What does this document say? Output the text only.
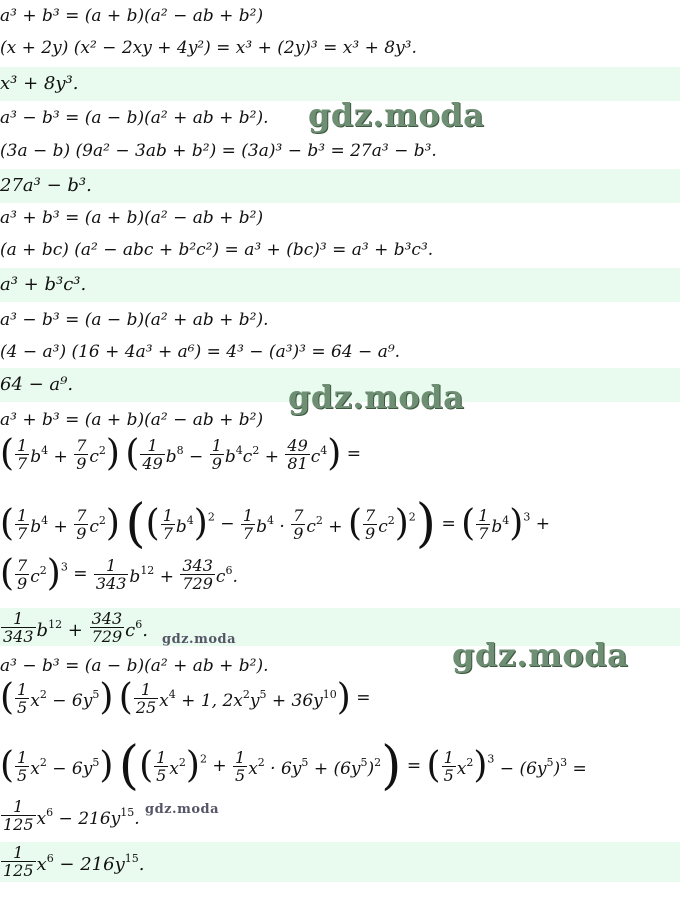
a³ + b³ = (a + b)(a² − ab + b²)
(x + 2y) (x² − 2xy + 4y²) = x³ + (2y)³ = x³ + 8y³.
x³ + 8y³.
a³ − b³ = (a − b)(a² + ab + b²).
(3a − b) (9a² − 3ab + b²) = (3a)³ − b³ = 27a³ − b³.
27a³ − b³.
a³ + b³ = (a + b)(a² − ab + b²)
(a + bc) (a² − abc + b²c²) = a³ + (bc)³ = a³ + b³c³.
a³ + b³c³.
a³ − b³ = (a − b)(a² + ab + b²).
(4 − a³) (16 + 4a³ + a⁶) = 4³ − (a³)³ = 64 − a⁹.
64 − a⁹.
a³ + b³ = (a + b)(a² − ab + b²)
( $\frac{1}{7} b^4 + \frac{7}{9} c^2$) ( $\frac{1}{49} b^8 - \frac{1}{9} b^4c^2 + \frac{49}{81} c^4$) =
( $\frac{1}{7} b^4 + \frac{7}{9} c^2$) (( $\frac{1}{7} b^4)^2 - \frac{1}{7} b^4 \cdot \frac{7}{9} c^2$ + ( $\frac{7}{9} c^2)^2$) = ( $\frac{1}{7} b^4)^3$ +
( $\frac{7}{9} c^2)^3 = \frac{1}{343} b^{12} + \frac{343}{729} c^6$.
$\frac{1}{343} b^{12} + \frac{343}{729} c^6$.
a³ − b³ = (a − b)(a² + ab + b²).
( $\frac{1}{5} x^2 - 6y^5$) ( $\frac{1}{25} x^4 + 1$, $2x^2y^5 + 36y^{10}$) =
( $\frac{1}{5} x^2 - 6y^5$) (( $\frac{1}{5} x^2)^2 + \frac{1}{5} x^2 \cdot 6y^5 + (6y^5)^2$) = ( $\frac{1}{5} x^2)^3 - (6y^5)^3$ =
$\frac{1}{125} x^6 - 216y^{15}$.
$\frac{1}{125} x^6 - 216y^{15}$.
gdz.moda
gdz.moda
gdz.moda	gdz.moda
gdz.moda
